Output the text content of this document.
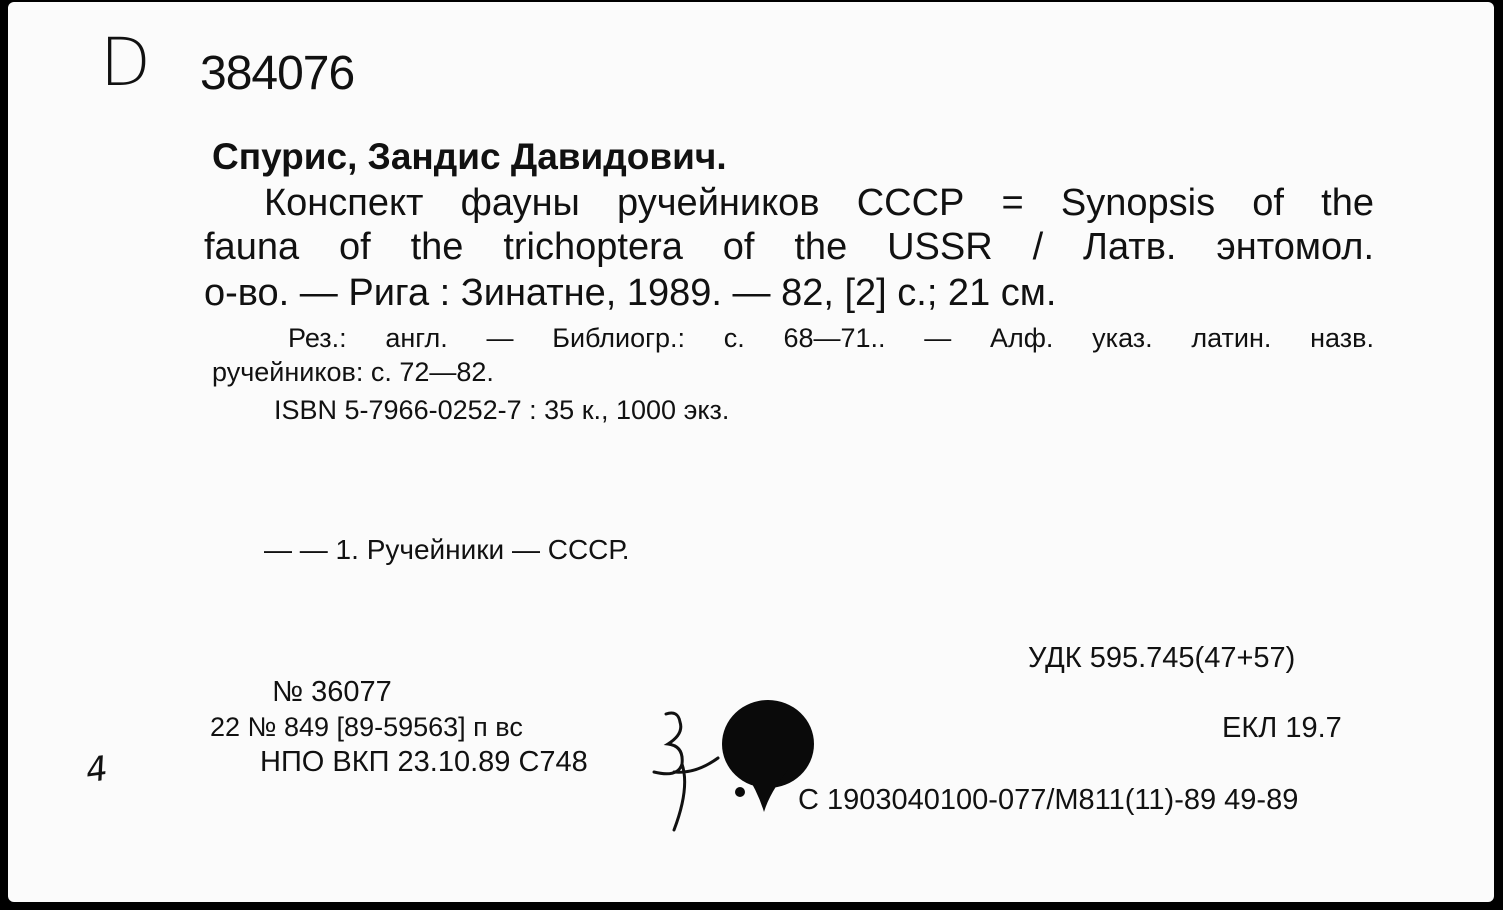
D 384076
Спурис, Зандис Давидович.
Конспект фауны ручейников СССР = Synopsis of the
fauna of the trichoptera of the USSR / Латв. энтомол.
о-во. — Рига : Зинатне, 1989. — 82, [2] с.; 21 см.
Рез.: англ. — Библиогр.: с. 68—71.. — Алф. указ. латин. назв.
ручейников: с. 72—82.
ISBN 5-7966-0252-7 : 35 к., 1000 экз.
— — 1. Ручейники — СССР.
УДК 595.745(47+57)
№ 36077
22 № 849 [89-59563] п вс	ЕКЛ 19.7
НПО ВКП 23.10.89 С748
С 1903040100-077/М811(11)-89 49-89
4
